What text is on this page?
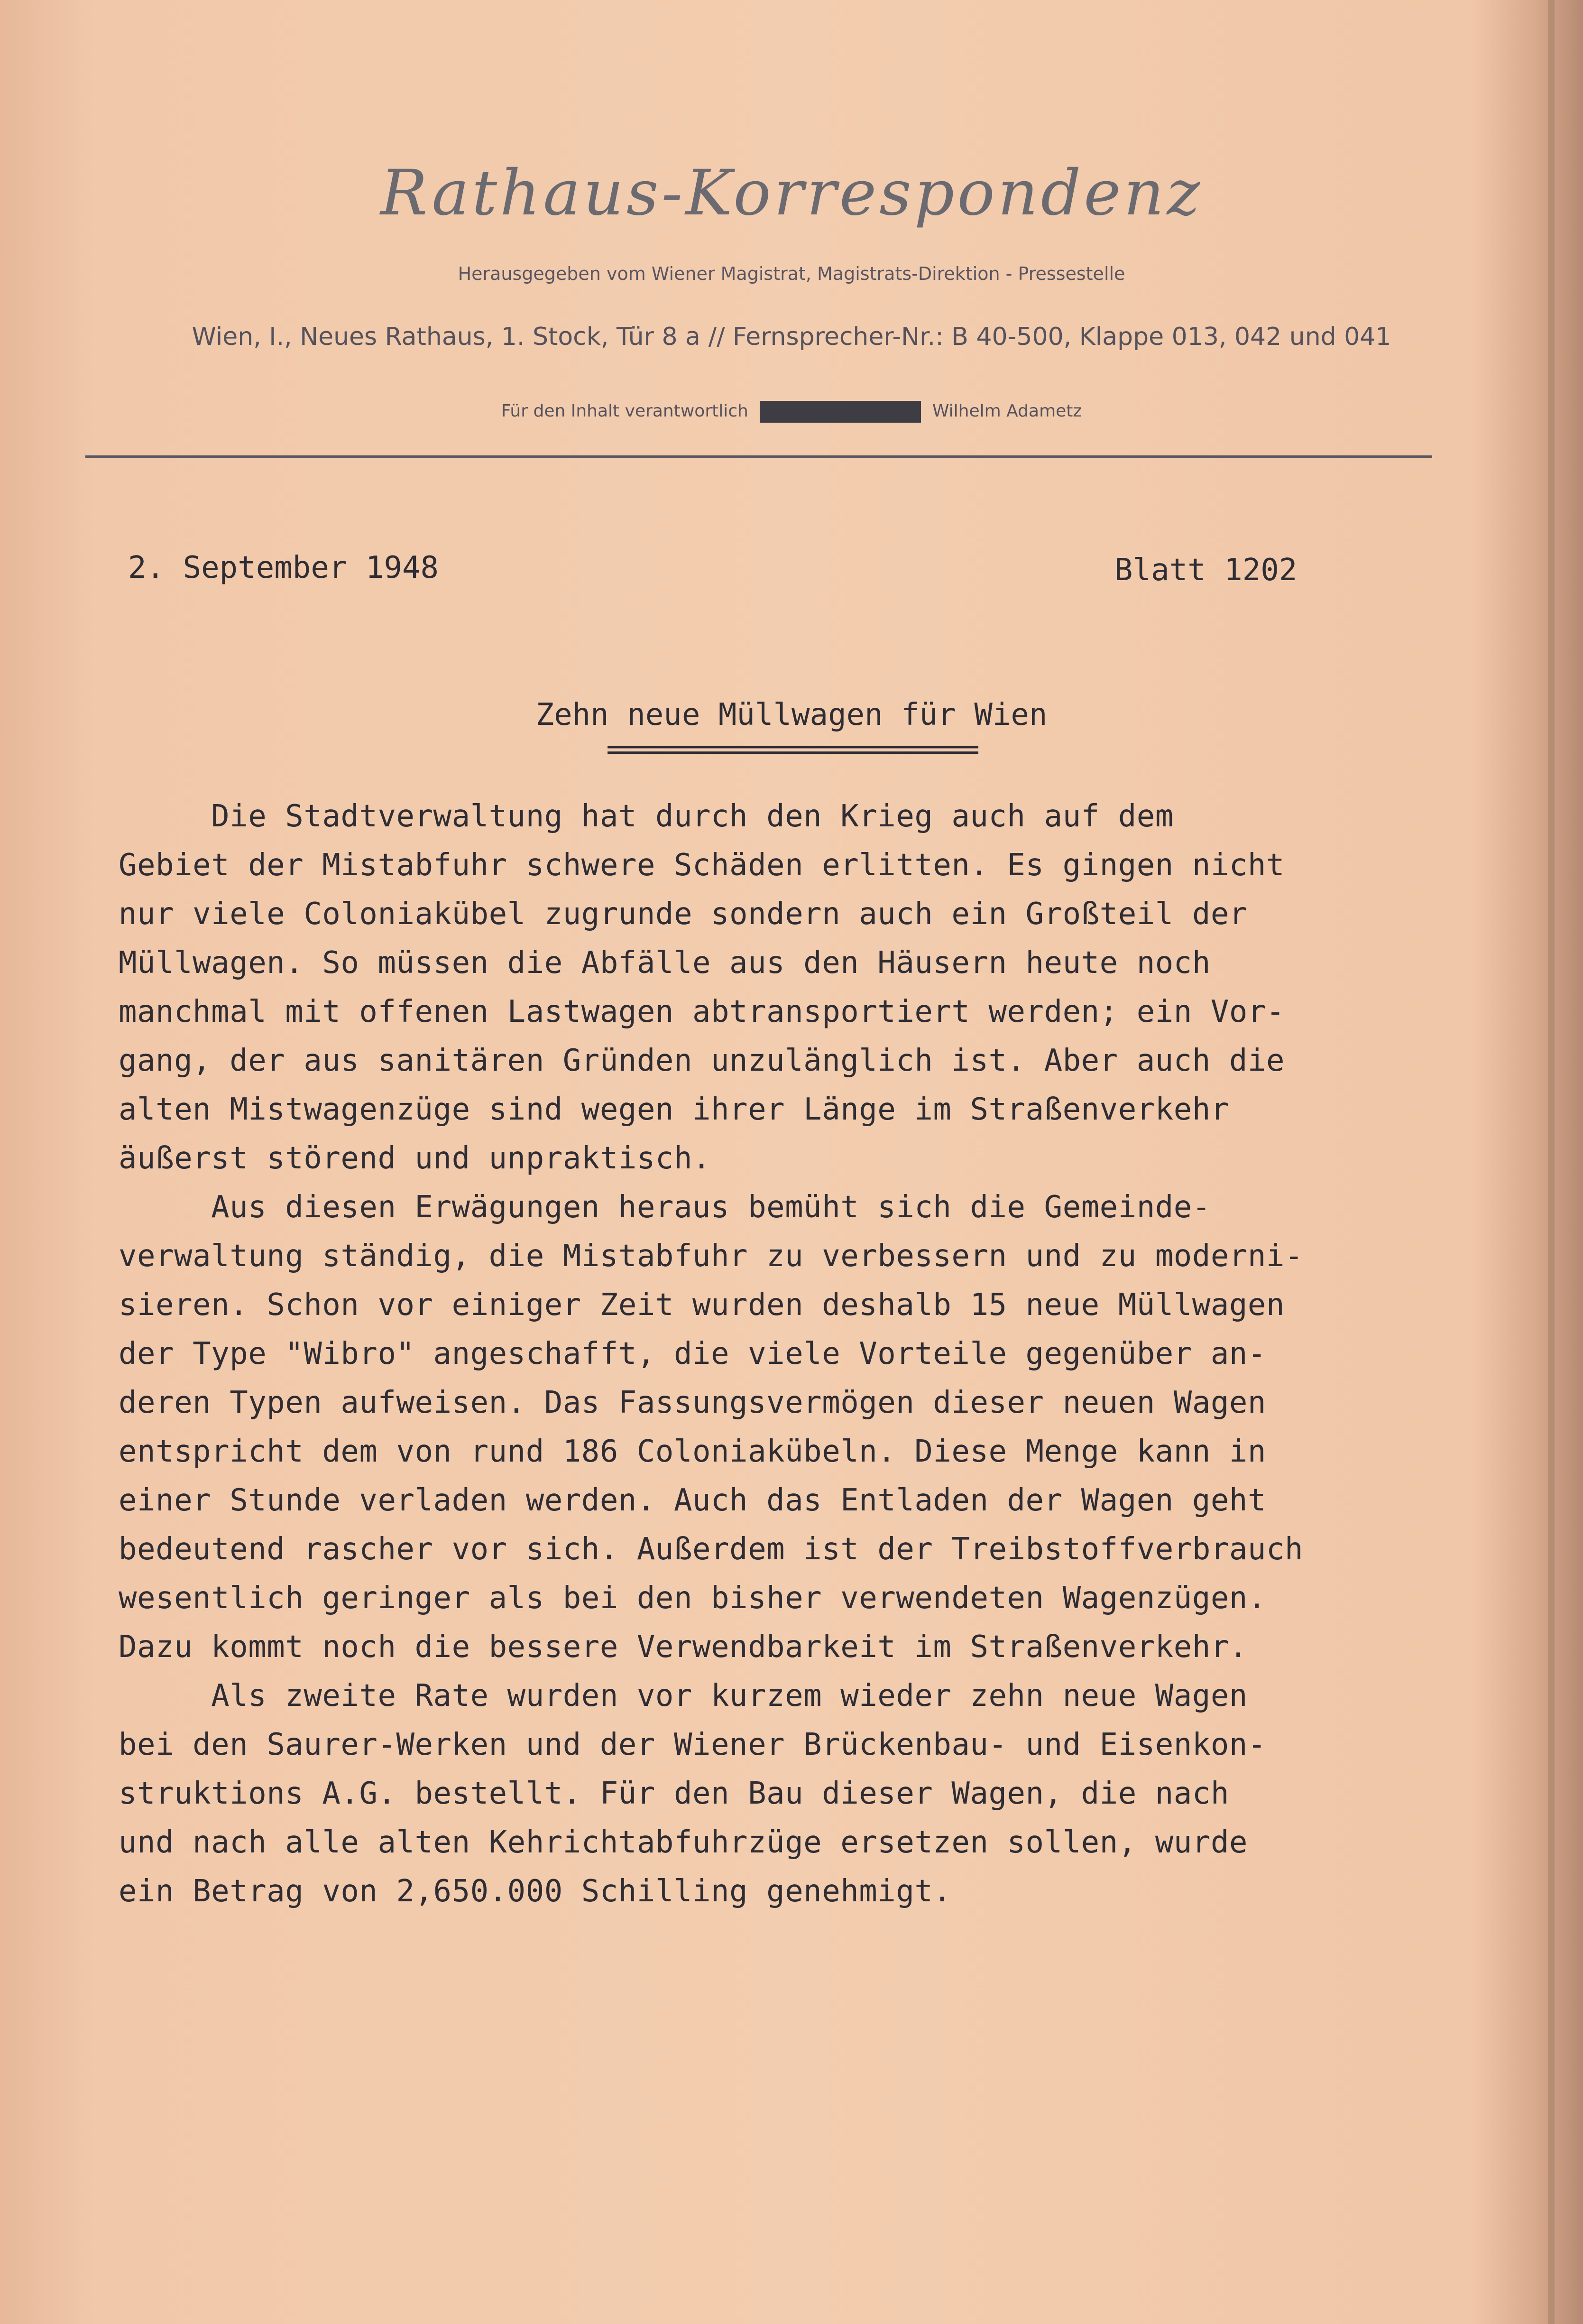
Rathaus-Korrespondenz
Herausgegeben vom Wiener Magistrat, Magistrats-Direktion - Pressestelle
Wien, I., Neues Rathaus, 1. Stock, Tür 8 a // Fernsprecher-Nr.: B 40-500, Klappe 013, 042 und 041
Für den Inhalt verantwortlich	Wilhelm Adametz
2. September 1948	Blatt 1202
Zehn neue Müllwagen für Wien
===========================
Die Stadtverwaltung hat durch den Krieg auch auf dem
Gebiet der Mistabfuhr schwere Schäden erlitten. Es gingen nicht
nur viele Coloniakübel zugrunde sondern auch ein Großteil der
Müllwagen. So müssen die Abfälle aus den Häusern heute noch
manchmal mit offenen Lastwagen abtransportiert werden; ein Vor-
gang, der aus sanitären Gründen unzulänglich ist. Aber auch die
alten Mistwagenzüge sind wegen ihrer Länge im Straßenverkehr
äußerst störend und unpraktisch.
Aus diesen Erwägungen heraus bemüht sich die Gemeinde-
verwaltung ständig, die Mistabfuhr zu verbessern und zu moderni-
sieren. Schon vor einiger Zeit wurden deshalb 15 neue Müllwagen
der Type "Wibro" angeschafft, die viele Vorteile gegenüber an-
deren Typen aufweisen. Das Fassungsvermögen dieser neuen Wagen
entspricht dem von rund 186 Coloniakübeln. Diese Menge kann in
einer Stunde verladen werden. Auch das Entladen der Wagen geht
bedeutend rascher vor sich. Außerdem ist der Treibstoffverbrauch
wesentlich geringer als bei den bisher verwendeten Wagenzügen.
Dazu kommt noch die bessere Verwendbarkeit im Straßenverkehr.
Als zweite Rate wurden vor kurzem wieder zehn neue Wagen
bei den Saurer-Werken und der Wiener Brückenbau- und Eisenkon-
struktions A.G. bestellt. Für den Bau dieser Wagen, die nach
und nach alle alten Kehrichtabfuhrzüge ersetzen sollen, wurde
ein Betrag von 2,650.000 Schilling genehmigt.
